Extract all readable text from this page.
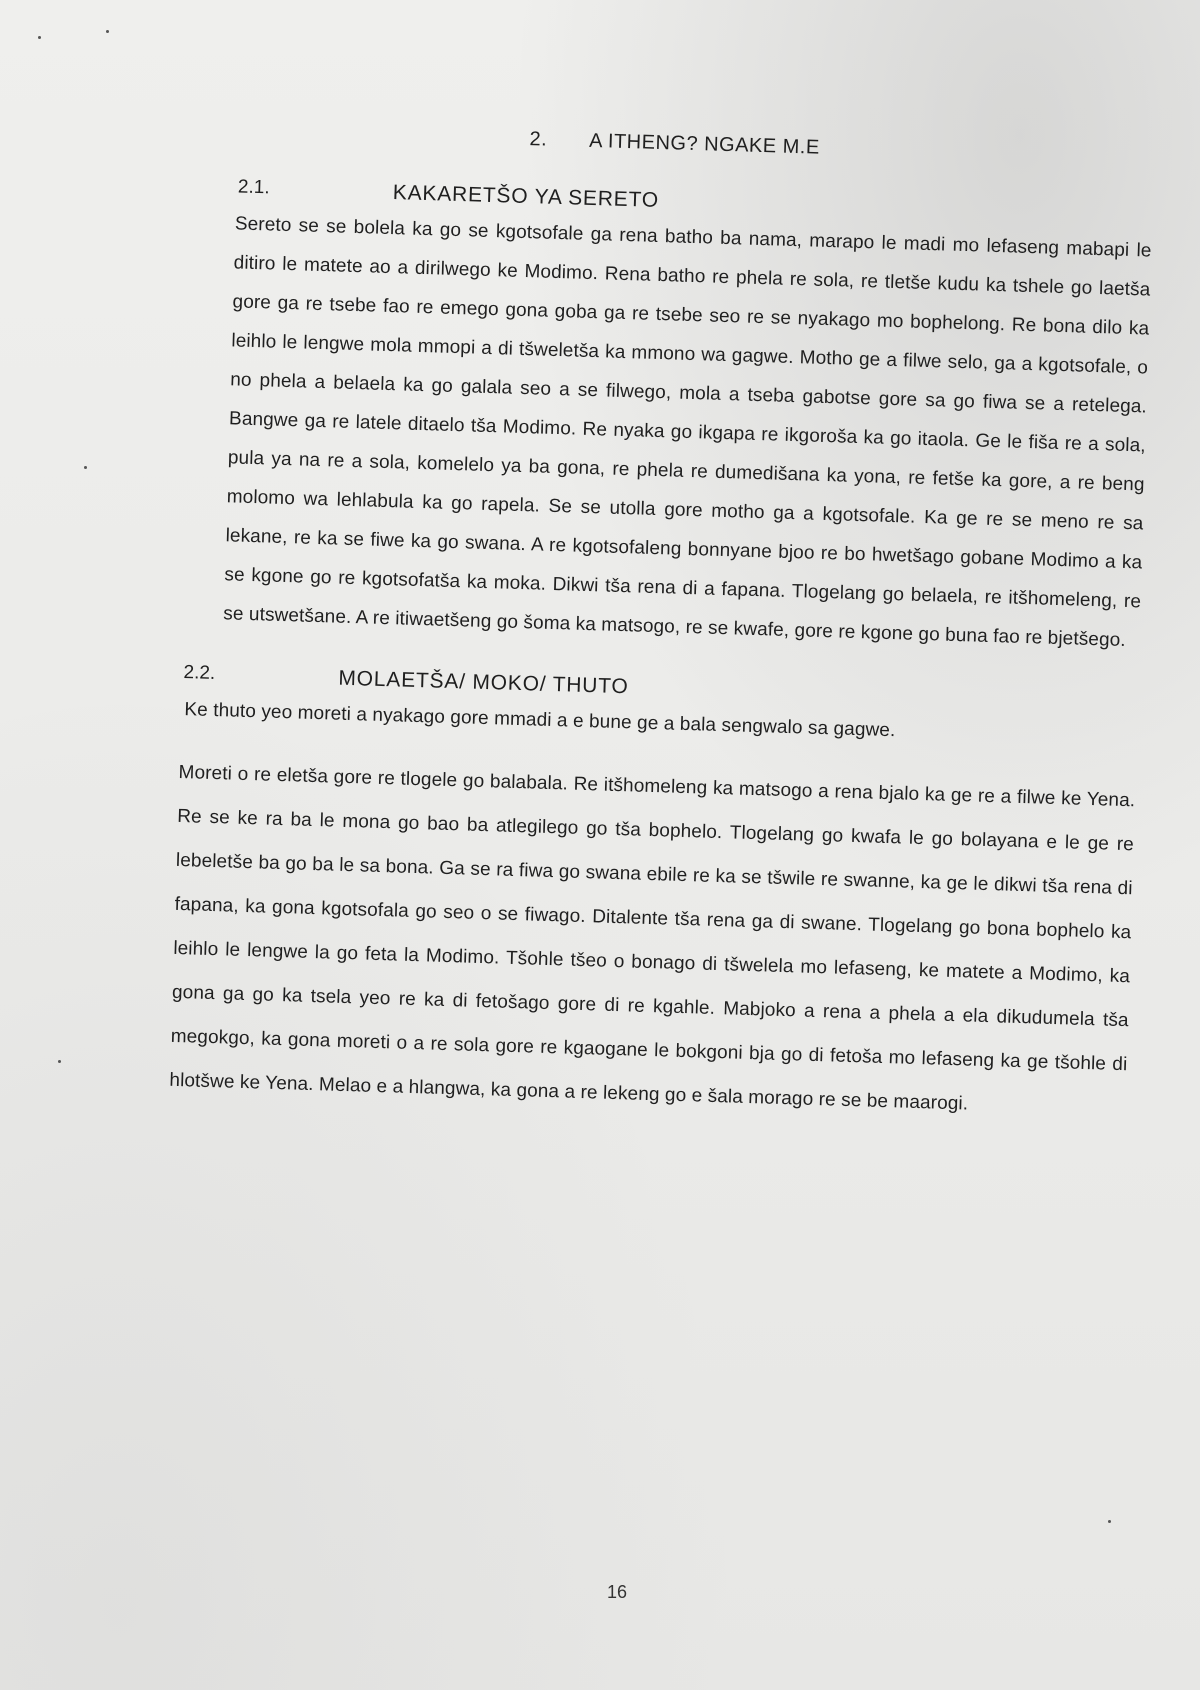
2. A ITHENG? NGAKE M.E
2.1.	KAKARETŠO YA SERETO

Sereto se se bolela ka go se kgotsofale ga rena batho ba nama, marapo le madi mo lefaseng mabapi le ditiro le matete ao a dirilwego ke Modimo. Rena batho re phela re sola, re tletše kudu ka tshele go laetša gore ga re tsebe fao re emego gona goba ga re tsebe seo re se nyakago mo bophelong. Re bona dilo ka leihlo le lengwe mola mmopi a di tšweletša ka mmono wa gagwe. Motho ge a filwe selo, ga a kgotsofale, o no phela a belaela ka go galala seo a se filwego, mola a tseba gabotse gore sa go fiwa se a retelega. Bangwe ga re latele ditaelo tša Modimo. Re nyaka go ikgapa re ikgoroša ka go itaola. Ge le fiša re a sola, pula ya na re a sola, komelelo ya ba gona, re phela re dumedišana ka yona, re fetše ka gore, a re beng molomo wa lehlabula ka go rapela. Se se utolla gore motho ga a kgotsofale. Ka ge re se meno re sa lekane, re ka se fiwe ka go swana. A re kgotsofaleng bonnyane bjoo re bo hwetšago gobane Modimo a ka se kgone go re kgotsofatša ka moka. Dikwi tša rena di a fapana. Tlogelang go belaela, re itšhomeleng, re se utswetšane. A re itiwaetšeng go šoma ka matsogo, re se kwafe, gore re kgone go buna fao re bjetšego.

2.2.	MOLAETŠA/ MOKO/ THUTO

Ke thuto yeo moreti a nyakago gore mmadi a e bune ge a bala sengwalo sa gagwe.

Moreti o re eletša gore re tlogele go balabala. Re itšhomeleng ka matsogo a rena bjalo ka ge re a filwe ke Yena. Re se ke ra ba le mona go bao ba atlegilego go tša bophelo. Tlogelang go kwafa le go bolayana e le ge re lebeletše ba go ba le sa bona. Ga se ra fiwa go swana ebile re ka se tšwile re swanne, ka ge le dikwi tša rena di fapana, ka gona kgotsofala go seo o se fiwago. Ditalente tša rena ga di swane. Tlogelang go bona bophelo ka leihlo le lengwe la go feta la Modimo. Tšohle tšeo o bonago di tšwelela mo lefaseng, ke matete a Modimo, ka gona ga go ka tsela yeo re ka di fetošago gore di re kgahle. Mabjoko a rena a phela a ela dikudumela tša megokgo, ka gona moreti o a re sola gore re kgaogane le bokgoni bja go di fetoša mo lefaseng ka ge tšohle di hlotšwe ke Yena. Melao e a hlangwa, ka gona a re lekeng go e šala morago re se be maarogi.

16
